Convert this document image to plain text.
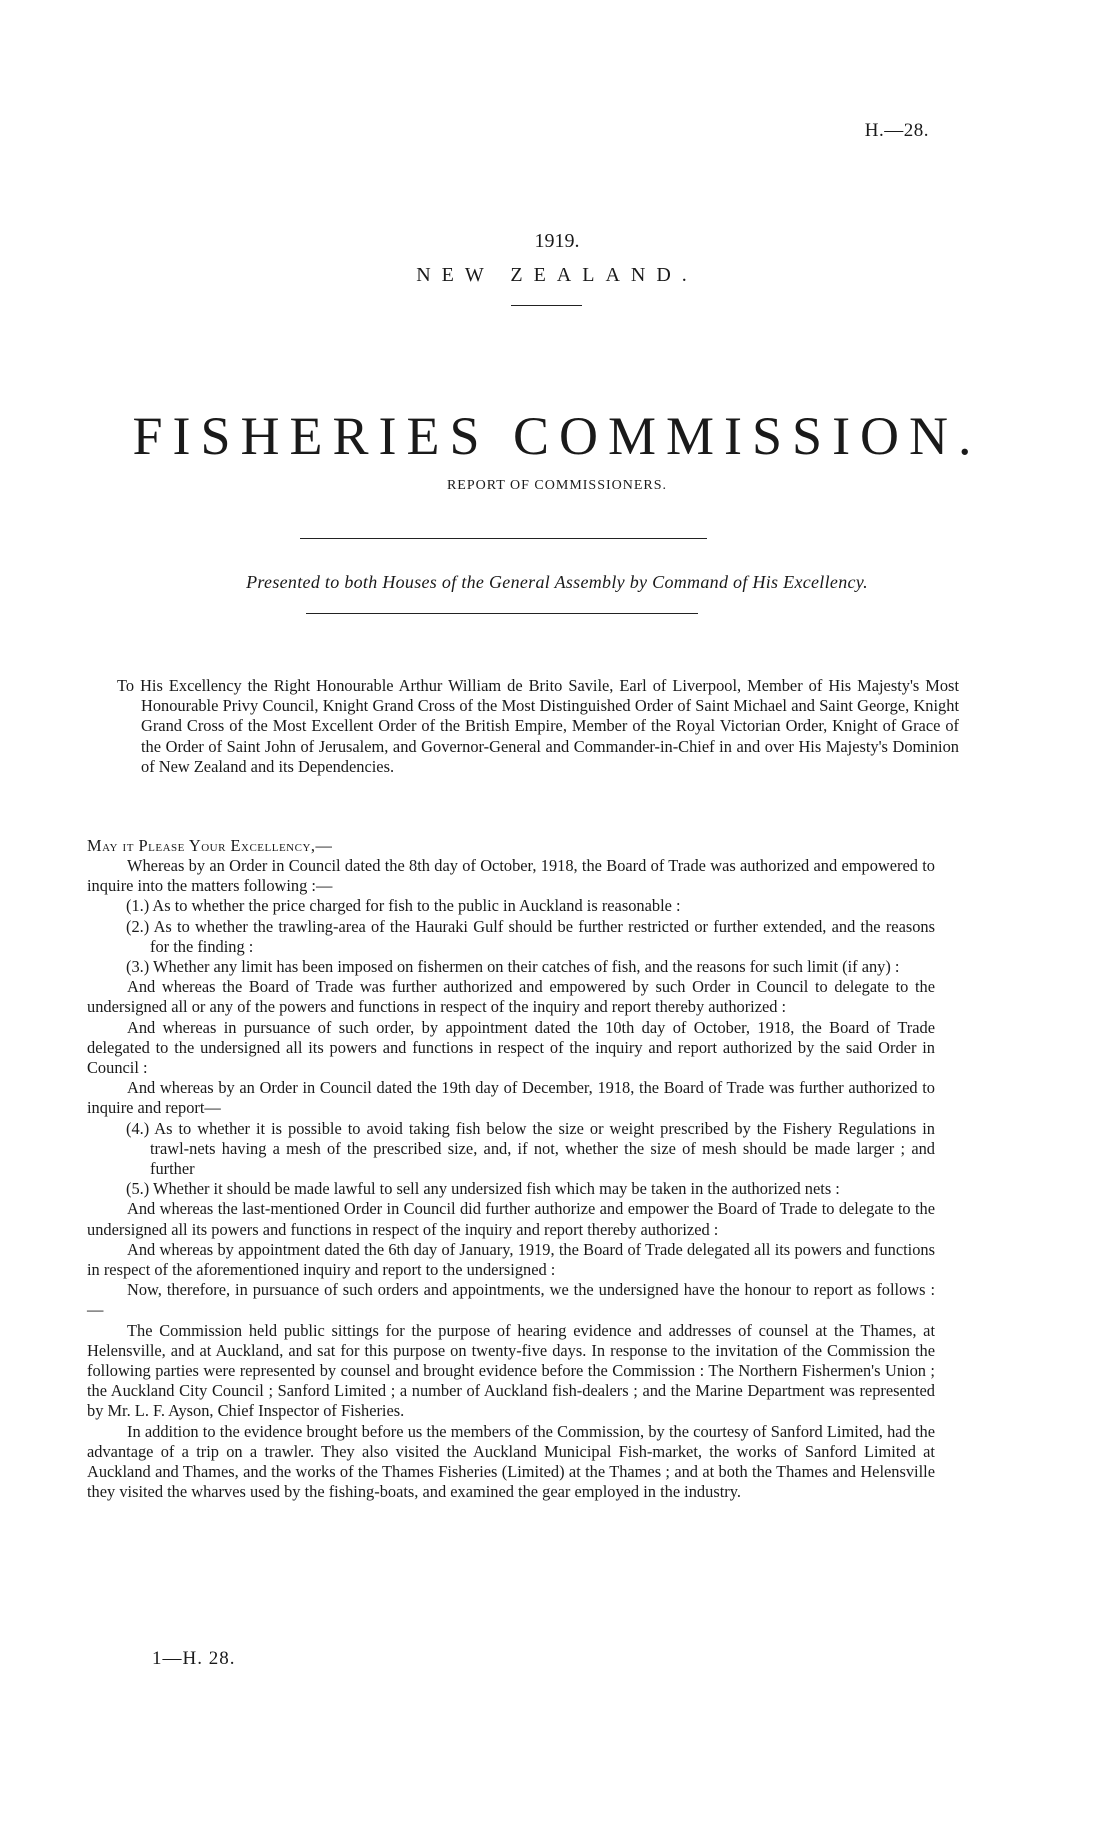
H.—28.
1919.
NEW ZEALAND.
FISHERIES COMMISSION.
REPORT OF COMMISSIONERS.
Presented to both Houses of the General Assembly by Command of His Excellency.
To His Excellency the Right Honourable Arthur William de Brito Savile, Earl of Liverpool, Member of His Majesty's Most Honourable Privy Council, Knight Grand Cross of the Most Distinguished Order of Saint Michael and Saint George, Knight Grand Cross of the Most Excellent Order of the British Empire, Member of the Royal Victorian Order, Knight of Grace of the Order of Saint John of Jerusalem, and Governor-General and Commander-in-Chief in and over His Majesty's Dominion of New Zealand and its Dependencies.
May it Please Your Excellency,—

Whereas by an Order in Council dated the 8th day of October, 1918, the Board of Trade was authorized and empowered to inquire into the matters following :—

(1.) As to whether the price charged for fish to the public in Auckland is reasonable :

(2.) As to whether the trawling-area of the Hauraki Gulf should be further restricted or further extended, and the reasons for the finding :

(3.) Whether any limit has been imposed on fishermen on their catches of fish, and the reasons for such limit (if any) :

And whereas the Board of Trade was further authorized and empowered by such Order in Council to delegate to the undersigned all or any of the powers and functions in respect of the inquiry and report thereby authorized :

And whereas in pursuance of such order, by appointment dated the 10th day of October, 1918, the Board of Trade delegated to the undersigned all its powers and functions in respect of the inquiry and report authorized by the said Order in Council :

And whereas by an Order in Council dated the 19th day of December, 1918, the Board of Trade was further authorized to inquire and report—

(4.) As to whether it is possible to avoid taking fish below the size or weight prescribed by the Fishery Regulations in trawl-nets having a mesh of the prescribed size, and, if not, whether the size of mesh should be made larger ; and further

(5.) Whether it should be made lawful to sell any undersized fish which may be taken in the authorized nets :

And whereas the last-mentioned Order in Council did further authorize and empower the Board of Trade to delegate to the undersigned all its powers and functions in respect of the inquiry and report thereby authorized :

And whereas by appointment dated the 6th day of January, 1919, the Board of Trade delegated all its powers and functions in respect of the aforementioned inquiry and report to the undersigned :

Now, therefore, in pursuance of such orders and appointments, we the undersigned have the honour to report as follows :—

The Commission held public sittings for the purpose of hearing evidence and addresses of counsel at the Thames, at Helensville, and at Auckland, and sat for this purpose on twenty-five days. In response to the invitation of the Commission the following parties were represented by counsel and brought evidence before the Commission : The Northern Fishermen's Union ; the Auckland City Council ; Sanford Limited ; a number of Auckland fish-dealers ; and the Marine Department was represented by Mr. L. F. Ayson, Chief Inspector of Fisheries.

In addition to the evidence brought before us the members of the Commission, by the courtesy of Sanford Limited, had the advantage of a trip on a trawler. They also visited the Auckland Municipal Fish-market, the works of Sanford Limited at Auckland and Thames, and the works of the Thames Fisheries (Limited) at the Thames ; and at both the Thames and Helensville they visited the wharves used by the fishing-boats, and examined the gear employed in the industry.

1—H. 28.
